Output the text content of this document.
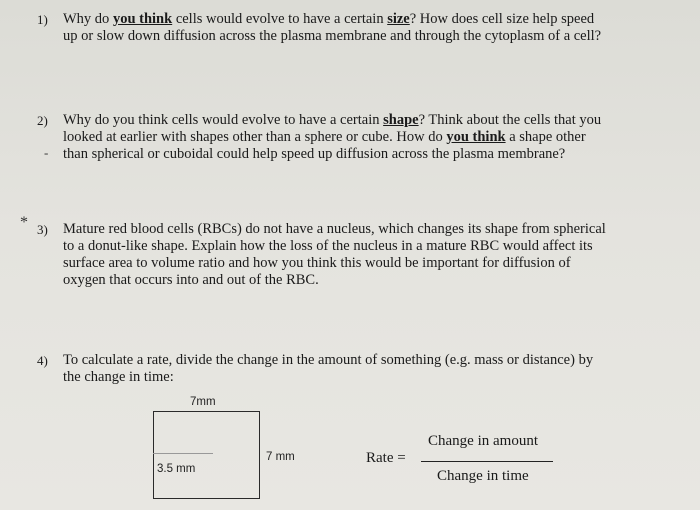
1) Why do you think cells would evolve to have a certain size? How does cell size help speed
up or slow down diffusion across the plasma membrane and through the cytoplasm of a cell?
2) Why do you think cells would evolve to have a certain shape? Think about the cells that you
looked at earlier with shapes other than a sphere or cube. How do you think a shape other
than spherical or cuboidal could help speed up diffusion across the plasma membrane?
3) Mature red blood cells (RBCs) do not have a nucleus, which changes its shape from spherical
to a donut-like shape. Explain how the loss of the nucleus in a mature RBC would affect its
surface area to volume ratio and how you think this would be important for diffusion of
oxygen that occurs into and out of the RBC.
4) To calculate a rate, divide the change in the amount of something (e.g. mass or distance) by
the change in time:
*
-
7mm
3.5 mm
7 mm	Rate =
Change in amount
Change in time
